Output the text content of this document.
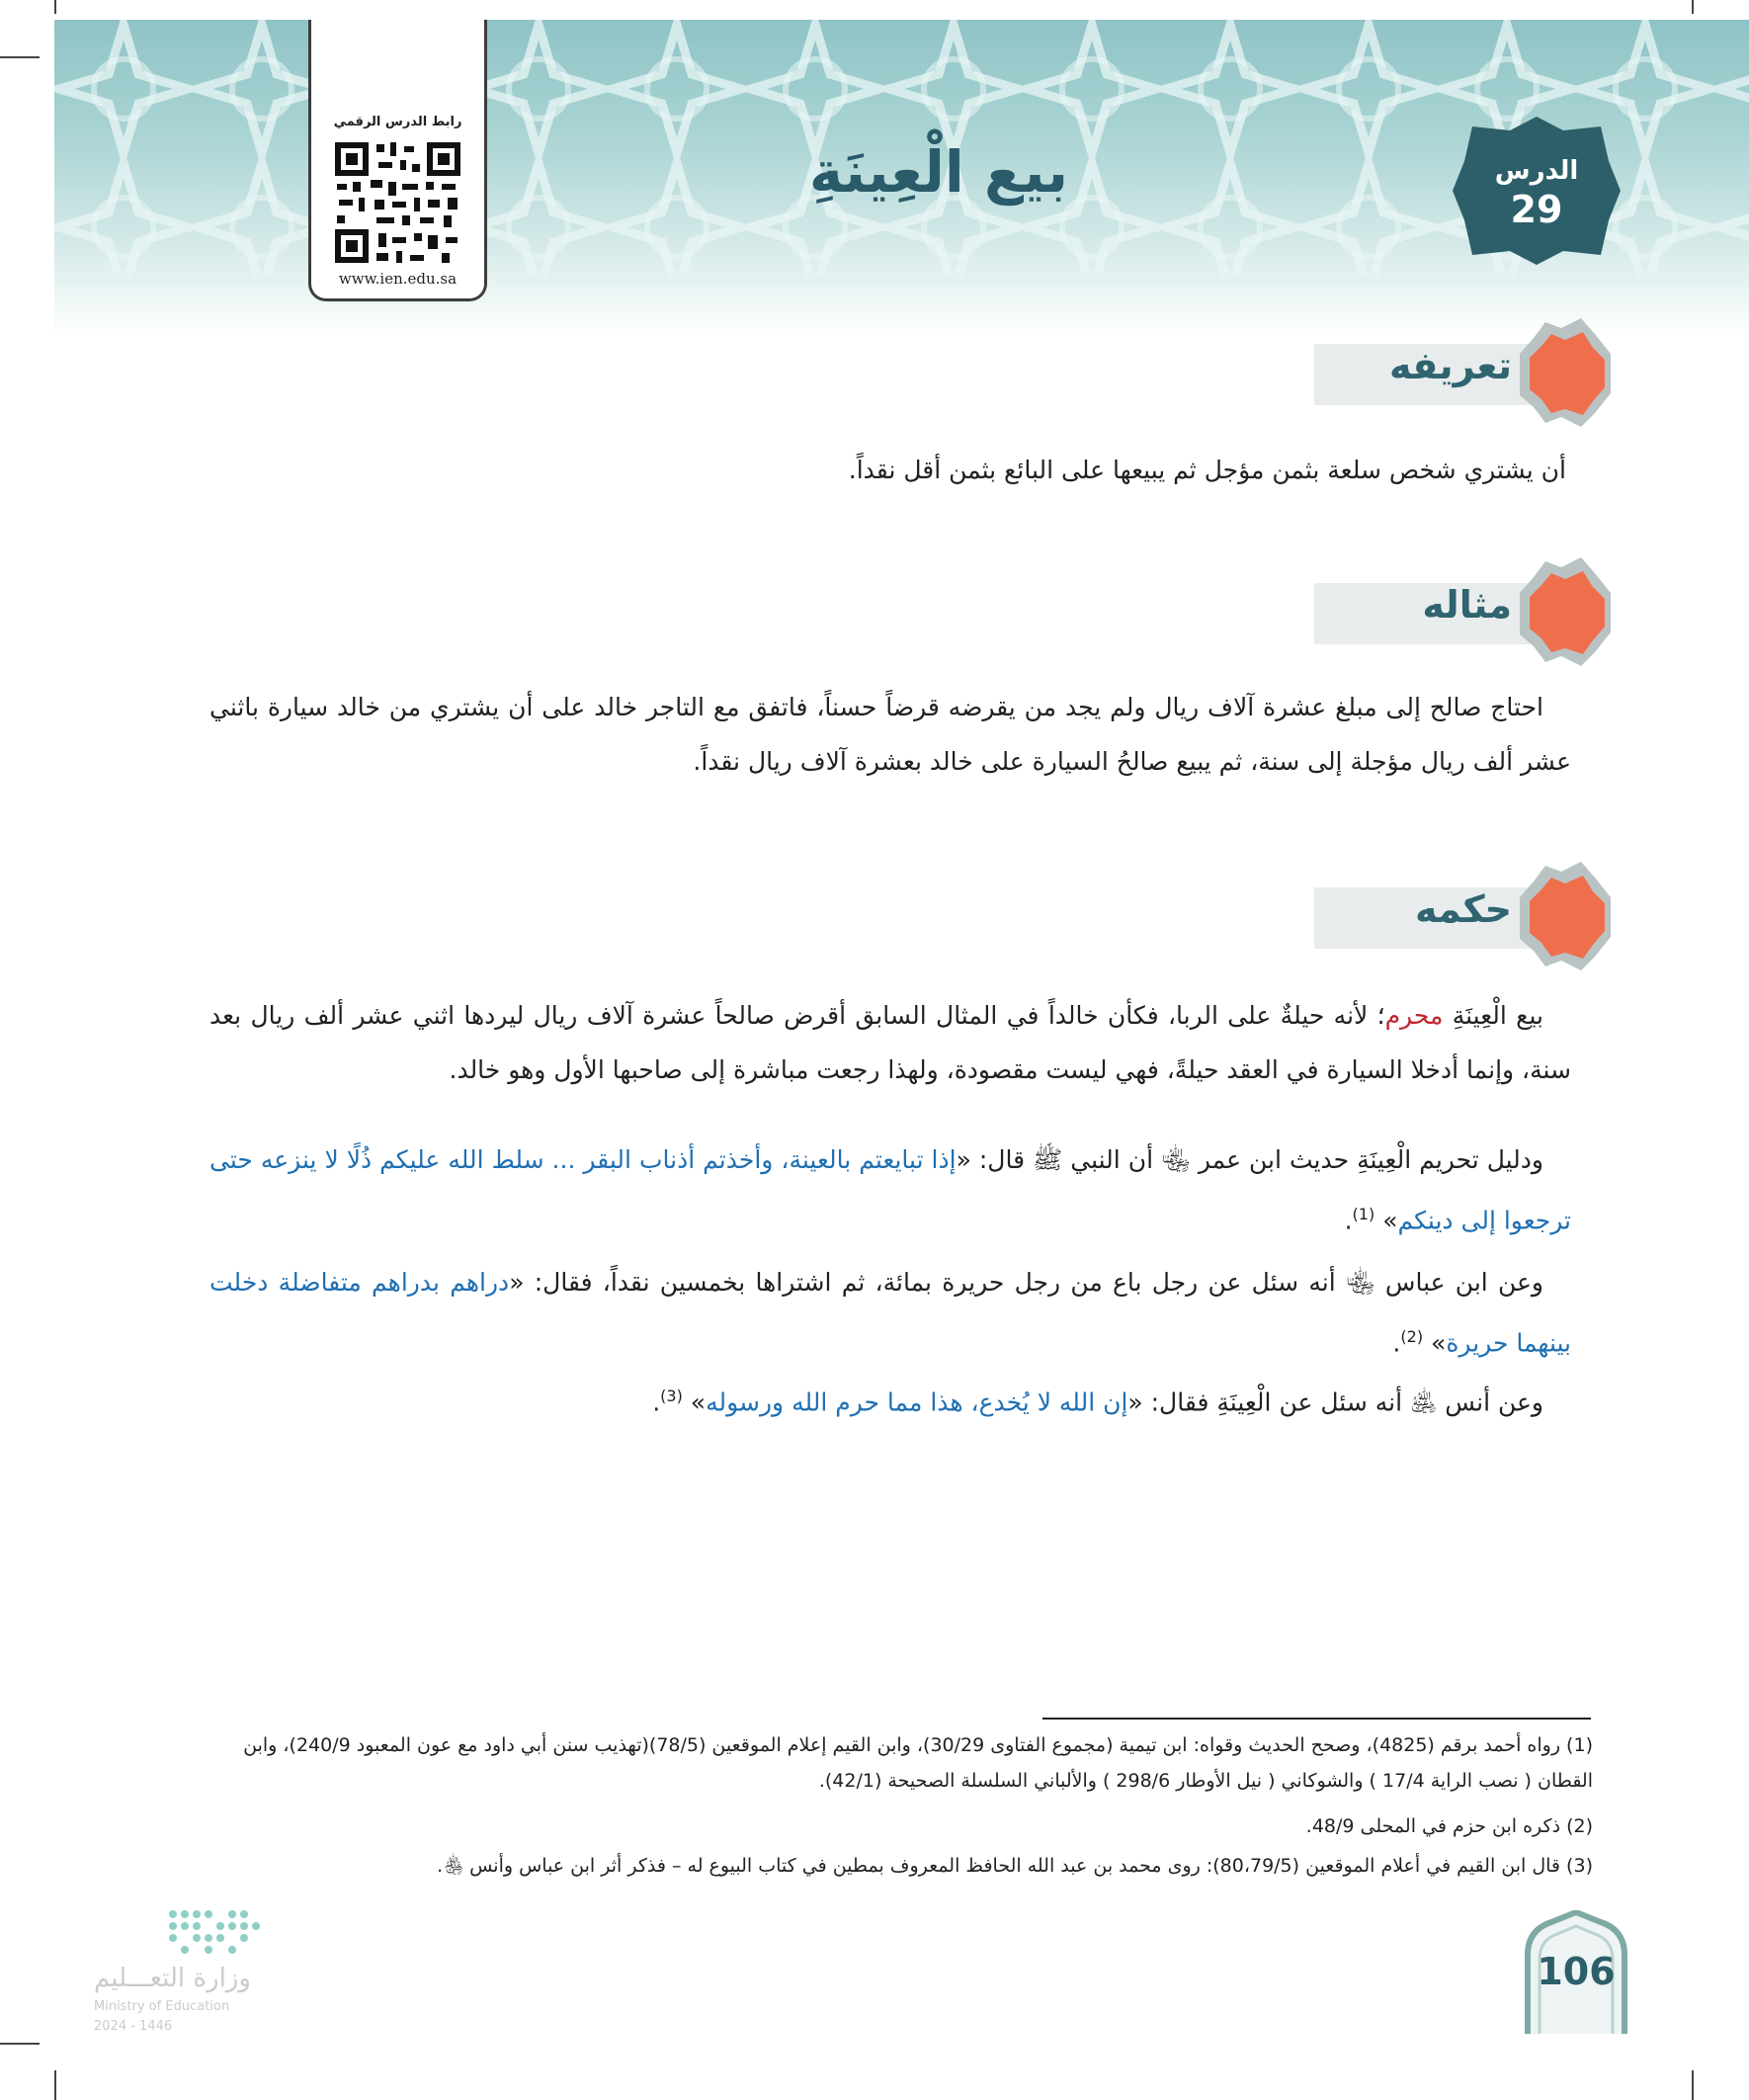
رابط الدرس الرقمي
www.ien.edu.sa
بيع الْعِينَةِ	الدرس
29
تعريفه

أن يشتري شخص سلعة بثمن مؤجل ثم يبيعها على البائع بثمن أقل نقداً.

مثاله

احتاج صالح إلى مبلغ عشرة آلاف ريال ولم يجد من يقرضه قرضاً حسناً، فاتفق مع التاجر خالد على أن يشتري من خالد سيارة باثني عشر ألف ريال مؤجلة إلى سنة، ثم يبيع صالحُ السيارة على خالد بعشرة آلاف ريال نقداً.

حكمه

بيع الْعِينَةِ محرم؛ لأنه حيلةٌ على الربا، فكأن خالداً في المثال السابق أقرض صالحاً عشرة آلاف ريال ليردها اثني عشر ألف ريال بعد سنة، وإنما أدخلا السيارة في العقد حيلةً، فهي ليست مقصودة، ولهذا رجعت مباشرة إلى صاحبها الأول وهو خالد.

ودليل تحريم الْعِينَةِ حديث ابن عمر ﵄ أن النبي ﷺ قال: «إذا تبايعتم بالعينة، وأخذتم أذناب البقر ... سلط الله عليكم ذُلًا لا ينزعه حتى ترجعوا إلى دينكم» $^{(1)}$.

وعن ابن عباس ﵄ أنه سئل عن رجل باع من رجل حريرة بمائة، ثم اشتراها بخمسين نقداً، فقال: «دراهم بدراهم متفاضلة دخلت بينهما حريرة» $^{(2)}$.

وعن أنس ﵁ أنه سئل عن الْعِينَةِ فقال: «إن الله لا يُخدع، هذا مما حرم الله ورسوله» $^{(3)}$.

(1) رواه أحمد برقم (4825)، وصحح الحديث وقواه: ابن تيمية (مجموع الفتاوى 30/29)، وابن القيم إعلام الموقعين (78/5)(تهذيب سنن أبي داود مع عون المعبود 240/9)، وابن القطان ( نصب الراية 17/4 ) والشوكاني ( نيل الأوطار 298/6 ) والألباني السلسلة الصحيحة (42/1).
(2) ذكره ابن حزم في المحلى 48/9.
(3) قال ابن القيم في أعلام الموقعين (80،79/5): روى محمد بن عبد الله الحافظ المعروف بمطين في كتاب البيوع له – فذكر أثر ابن عباس وأنس ﵃.
وزارة التعـــليم
Ministry of Education
2024 - 1446
106
